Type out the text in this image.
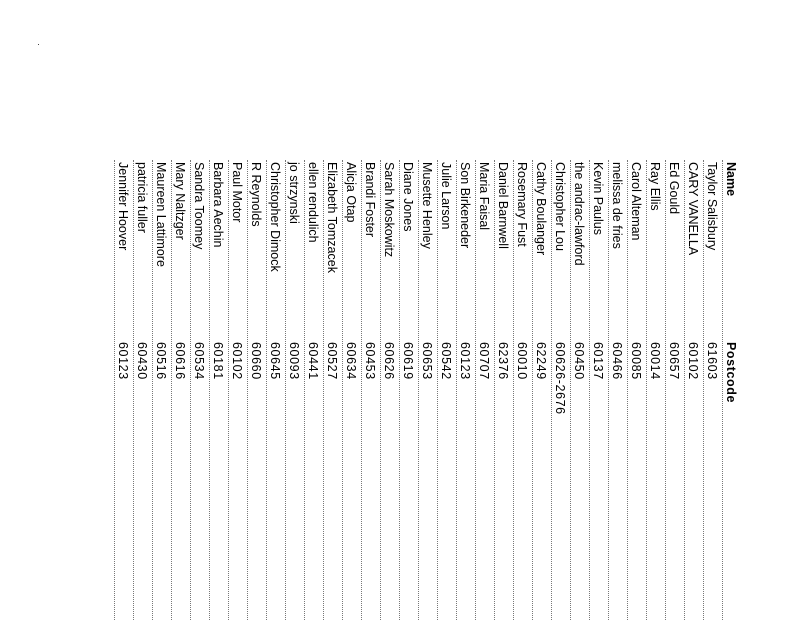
Name
Postcode
Taylor Salisbury
61603
CARY VANELLA
60102
Ed Gould
60657
Ray Ellis
60014
Carol Alteman
60085
melissa de fries
60466
Kevin Paulus
60137
the andrac-lawford
60450
Christopher Lou
60626-2676
Cathy Boulanger
62249
Rosemary Fust
60010
Daniel Barnwell
62376
Maria Faisal
60707
Son Birkeneder
60123
Julie Larson
60542
Musette Henley
60653
Diane Jones
60619
Sarah Moskowitz
60626
Brandi Foster
60453
Alicja Otap
60634
Elizabeth Tomzacek
60527
ellen rendulich
60441
jo strzynski
60093
Christopher Dimock
60645
R Reynolds
60660
Paul Motor
60102
Barbara Aechin
60181
Sandra Toomey
60534
Mary Naltzger
60616
Maureen Lattimore
60516
patricia fuller
60430
Jennifer Hoover
60123
